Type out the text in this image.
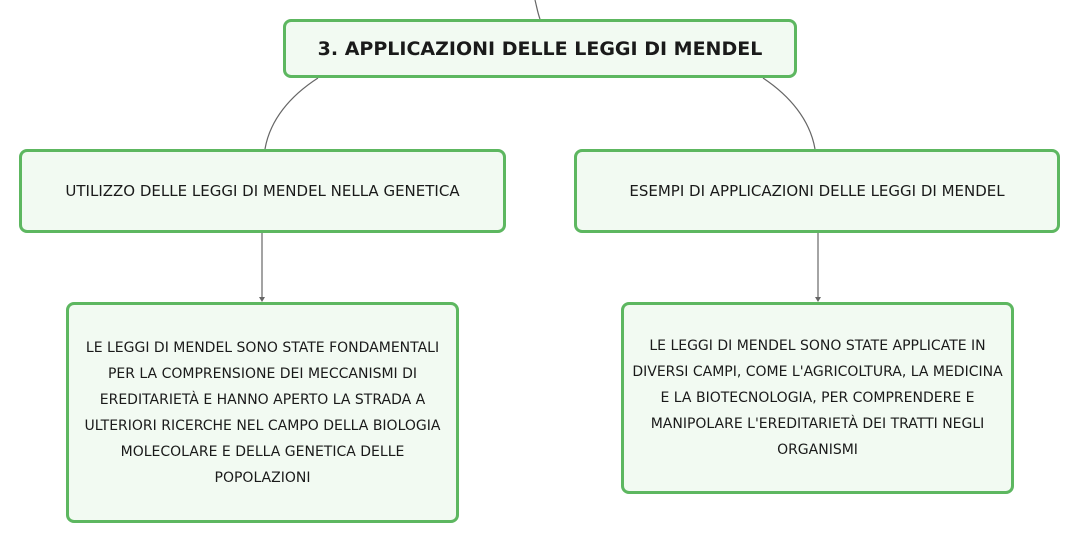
3. APPLICAZIONI DELLE LEGGI DI MENDEL
UTILIZZO DELLE LEGGI DI MENDEL NELLA GENETICA	ESEMPI DI APPLICAZIONI DELLE LEGGI DI MENDEL
LE LEGGI DI MENDEL SONO STATE FONDAMENTALI PER LA COMPRENSIONE DEI MECCANISMI DI EREDITARIETÀ E HANNO APERTO LA STRADA A ULTERIORI RICERCHE NEL CAMPO DELLA BIOLOGIA MOLECOLARE E DELLA GENETICA DELLE POPOLAZIONI
LE LEGGI DI MENDEL SONO STATE APPLICATE IN DIVERSI CAMPI, COME L'AGRICOLTURA, LA MEDICINA E LA BIOTECNOLOGIA, PER COMPRENDERE E MANIPOLARE L'EREDITARIETÀ DEI TRATTI NEGLI ORGANISMI
